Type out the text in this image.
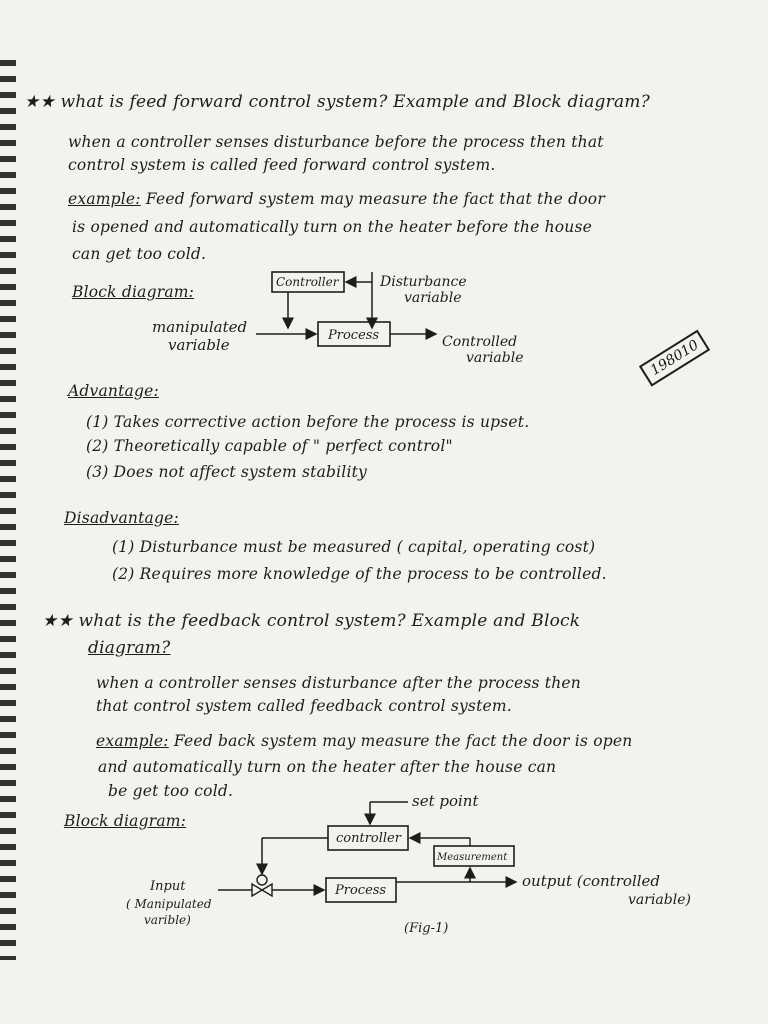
★★ what is feed forward control system? Example and Block diagram?
when a controller senses disturbance before the process then that
control system is called feed forward control system.
example: Feed forward system may measure the fact that the door
is opened and automatically turn on the heater before the house
can get too cold.
Block diagram:
Controller	Disturbance
variable
Process
manipulated
variable	Controlled
variable	198010
Advantage:
(1) Takes corrective action before the process is upset.
(2) Theoretically capable of " perfect control"
(3) Does not affect system stability
Disadvantage:
(1) Disturbance must be measured ( capital, operating cost)
(2) Requires more knowledge of the process to be controlled.
★★ what is the feedback control system? Example and Block
diagram?
when a controller senses disturbance after the process then
that control system called feedback control system.
example: Feed back system may measure the fact the door is open
and automatically turn on the heater after the house can
be get too cold.
Block diagram:
set point
controller
Measurement
Process
Input
( Manipulated
varible)
output (controlled
variable)
(Fig-1)
